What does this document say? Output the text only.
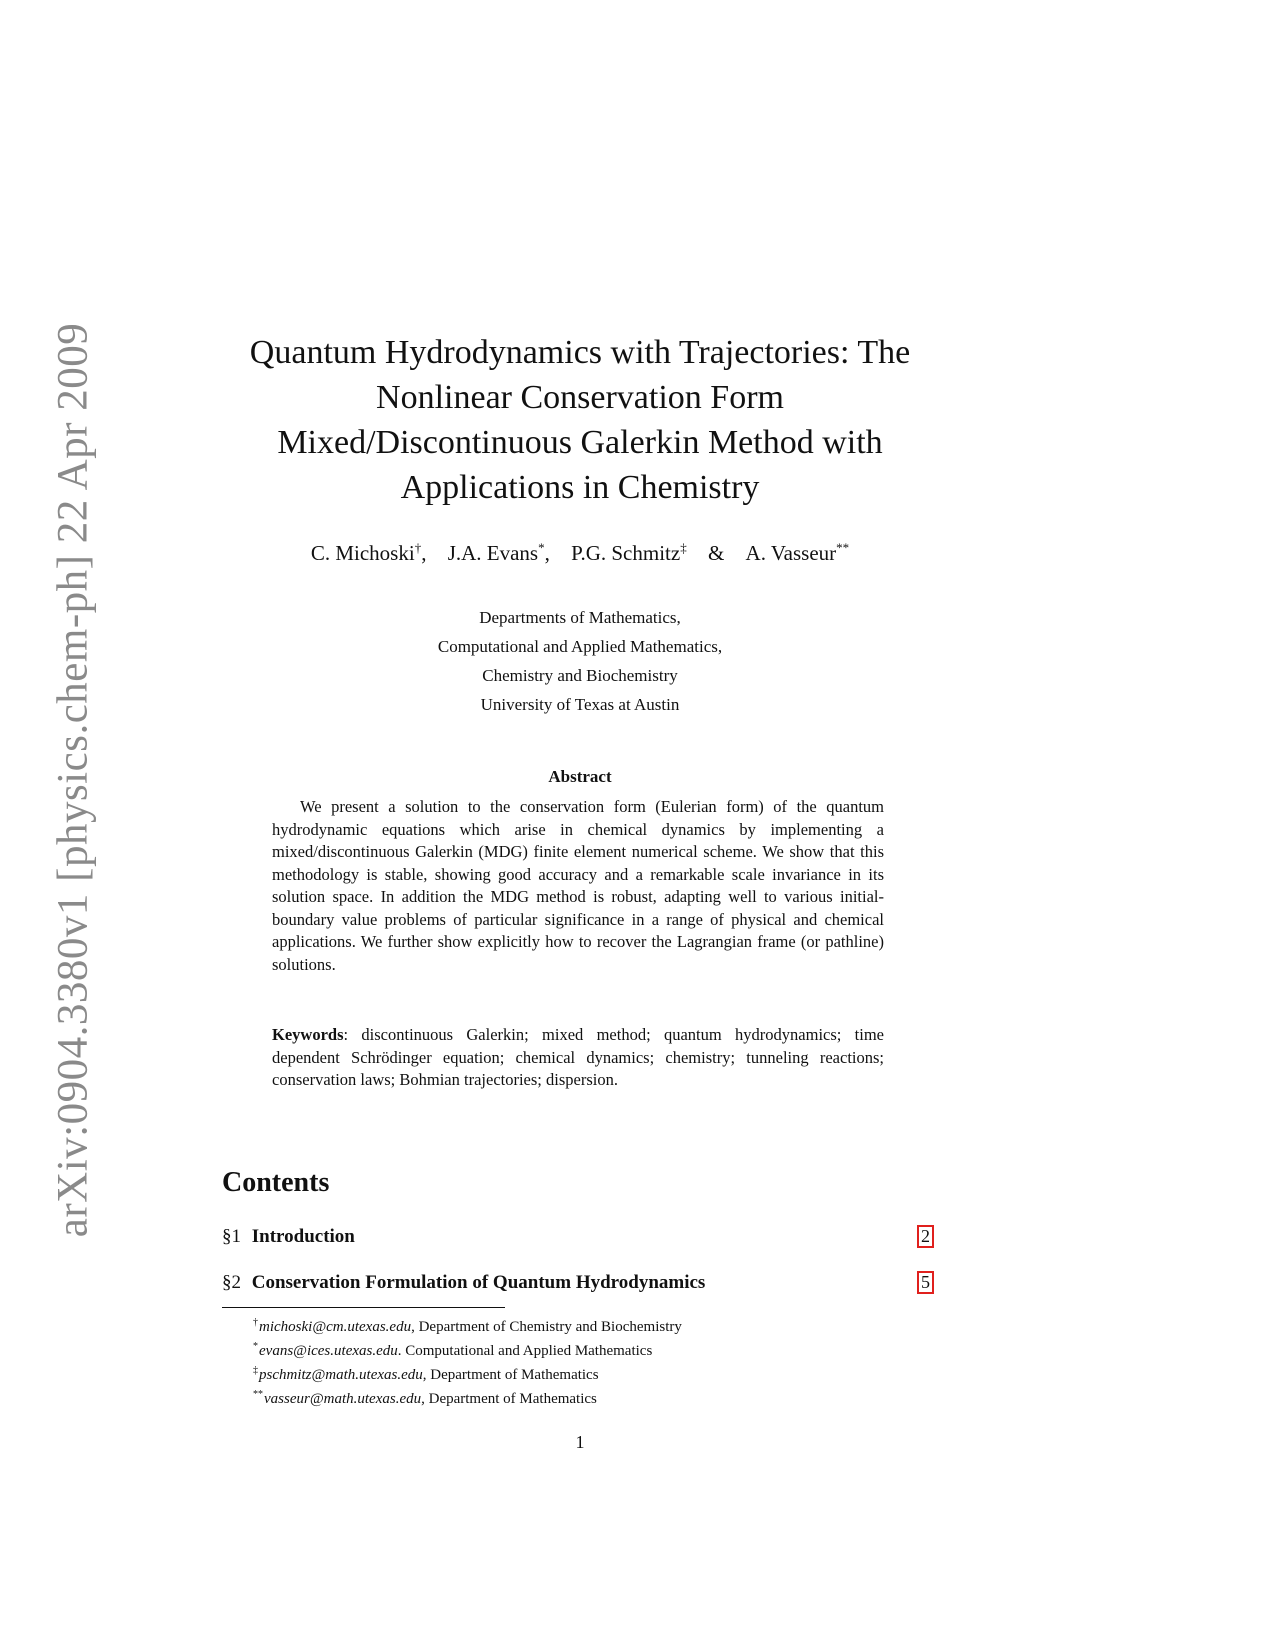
arXiv:0904.3380v1 [physics.chem-ph] 22 Apr 2009	Quantum Hydrodynamics with Trajectories: The
Nonlinear Conservation Form
Mixed/Discontinuous Galerkin Method with
Applications in Chemistry
C. Michoski†, J.A. Evans*, P.G. Schmitz‡ & A. Vasseur**
Departments of Mathematics,
Computational and Applied Mathematics,
Chemistry and Biochemistry
University of Texas at Austin
Abstract
We present a solution to the conservation form (Eulerian form) of the quantum hydrodynamic equations which arise in chemical dynamics by implementing a mixed/discontinuous Galerkin (MDG) finite element numerical scheme. We show that this methodology is stable, showing good accuracy and a remarkable scale invariance in its solution space. In addition the MDG method is robust, adapting well to various initial-boundary value problems of particular significance in a range of physical and chemical applications. We further show explicitly how to recover the Lagrangian frame (or pathline) solutions.
Keywords: discontinuous Galerkin; mixed method; quantum hydrodynamics; time dependent Schrödinger equation; chemical dynamics; chemistry; tunneling reactions; conservation laws; Bohmian trajectories; dispersion.
Contents
§1 Introduction	2
§2 Conservation Formulation of Quantum Hydrodynamics	5
†michoski@cm.utexas.edu, Department of Chemistry and Biochemistry
*evans@ices.utexas.edu. Computational and Applied Mathematics
‡pschmitz@math.utexas.edu, Department of Mathematics
**vasseur@math.utexas.edu, Department of Mathematics
1
